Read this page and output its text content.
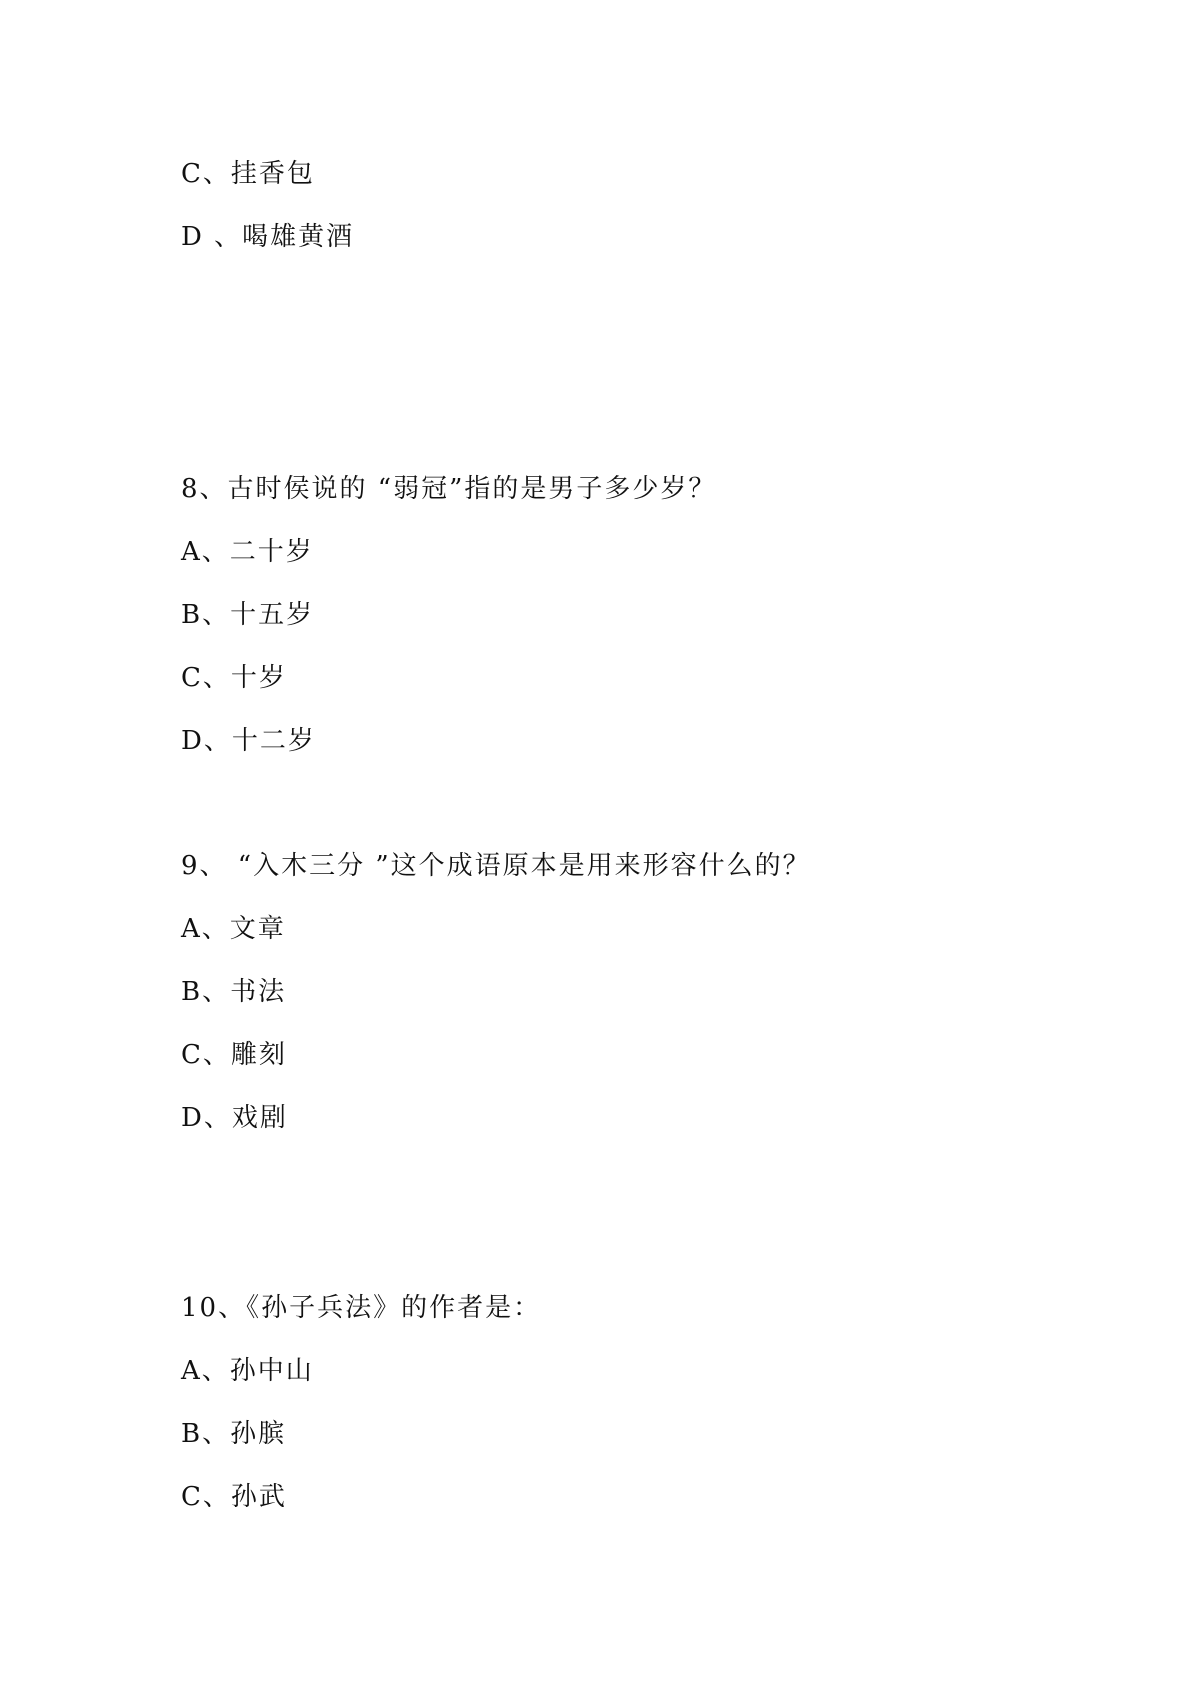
C、挂香包
D 、喝雄黄酒
8、古时侯说的 “弱冠”指的是男子多少岁？
A、二十岁
B、十五岁
C、十岁
D、十二岁
9、 “入木三分 ”这个成语原本是用来形容什么的？
A、文章
B、书法
C、雕刻
D、戏剧
10、《孙子兵法》的作者是：
A、孙中山
B、孙膑
C、孙武
